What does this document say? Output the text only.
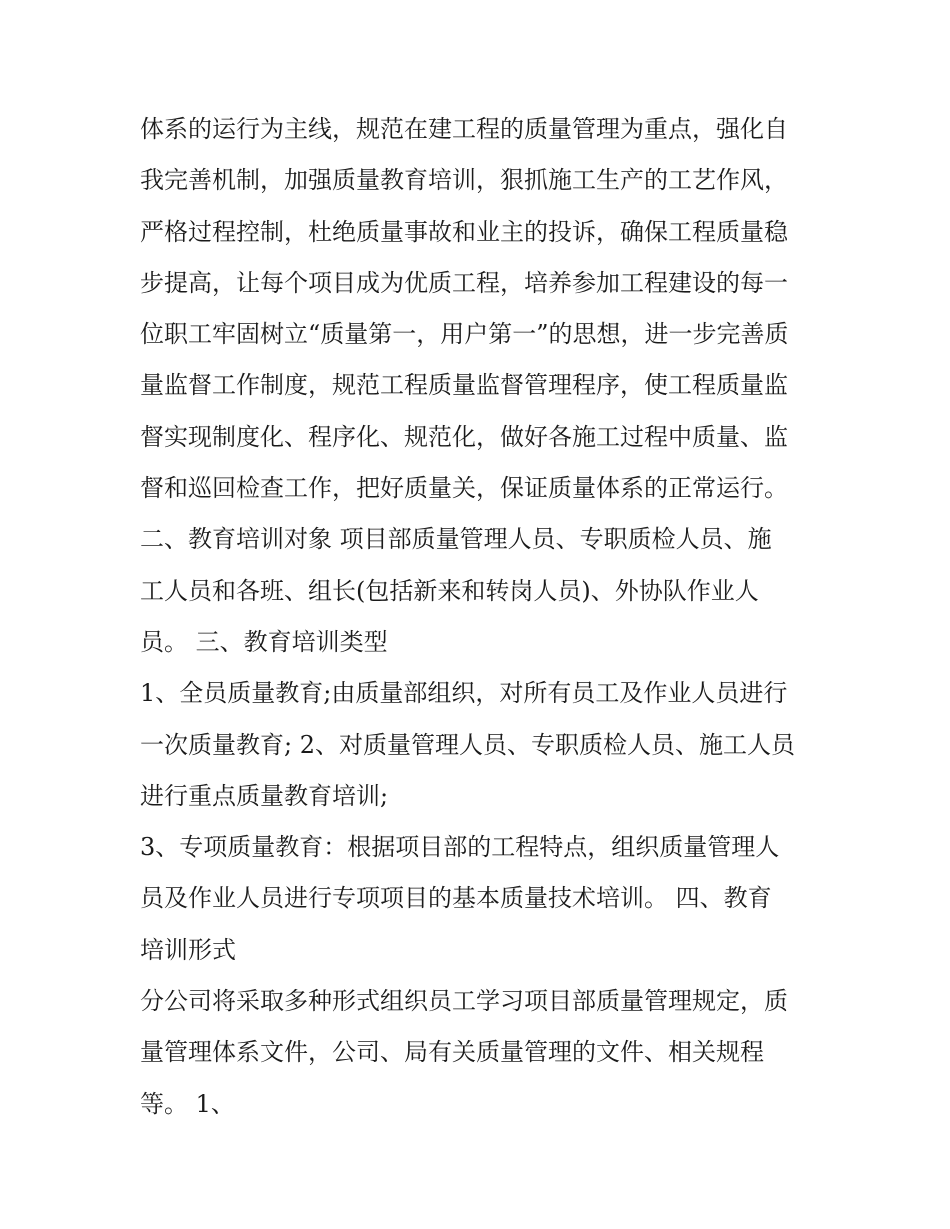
体系的运行为主线，规范在建工程的质量管理为重点，强化自
我完善机制，加强质量教育培训，狠抓施工生产的工艺作风，
严格过程控制，杜绝质量事故和业主的投诉，确保工程质量稳
步提高，让每个项目成为优质工程，培养参加工程建设的每一
位职工牢固树立“质量第一，用户第一”的思想，进一步完善质
量监督工作制度，规范工程质量监督管理程序，使工程质量监
督实现制度化、程序化、规范化，做好各施工过程中质量、监
督和巡回检查工作，把好质量关，保证质量体系的正常运行。
二、教育培训对象 项目部质量管理人员、专职质检人员、施
工人员和各班、组长(包括新来和转岗人员)、外协队作业人
员。 三、教育培训类型
1、全员质量教育;由质量部组织，对所有员工及作业人员进行
一次质量教育; 2、对质量管理人员、专职质检人员、施工人员
进行重点质量教育培训;
3、专项质量教育：根据项目部的工程特点，组织质量管理人
员及作业人员进行专项项目的基本质量技术培训。 四、教育
培训形式
分公司将采取多种形式组织员工学习项目部质量管理规定，质
量管理体系文件，公司、局有关质量管理的文件、相关规程
等。 1、
